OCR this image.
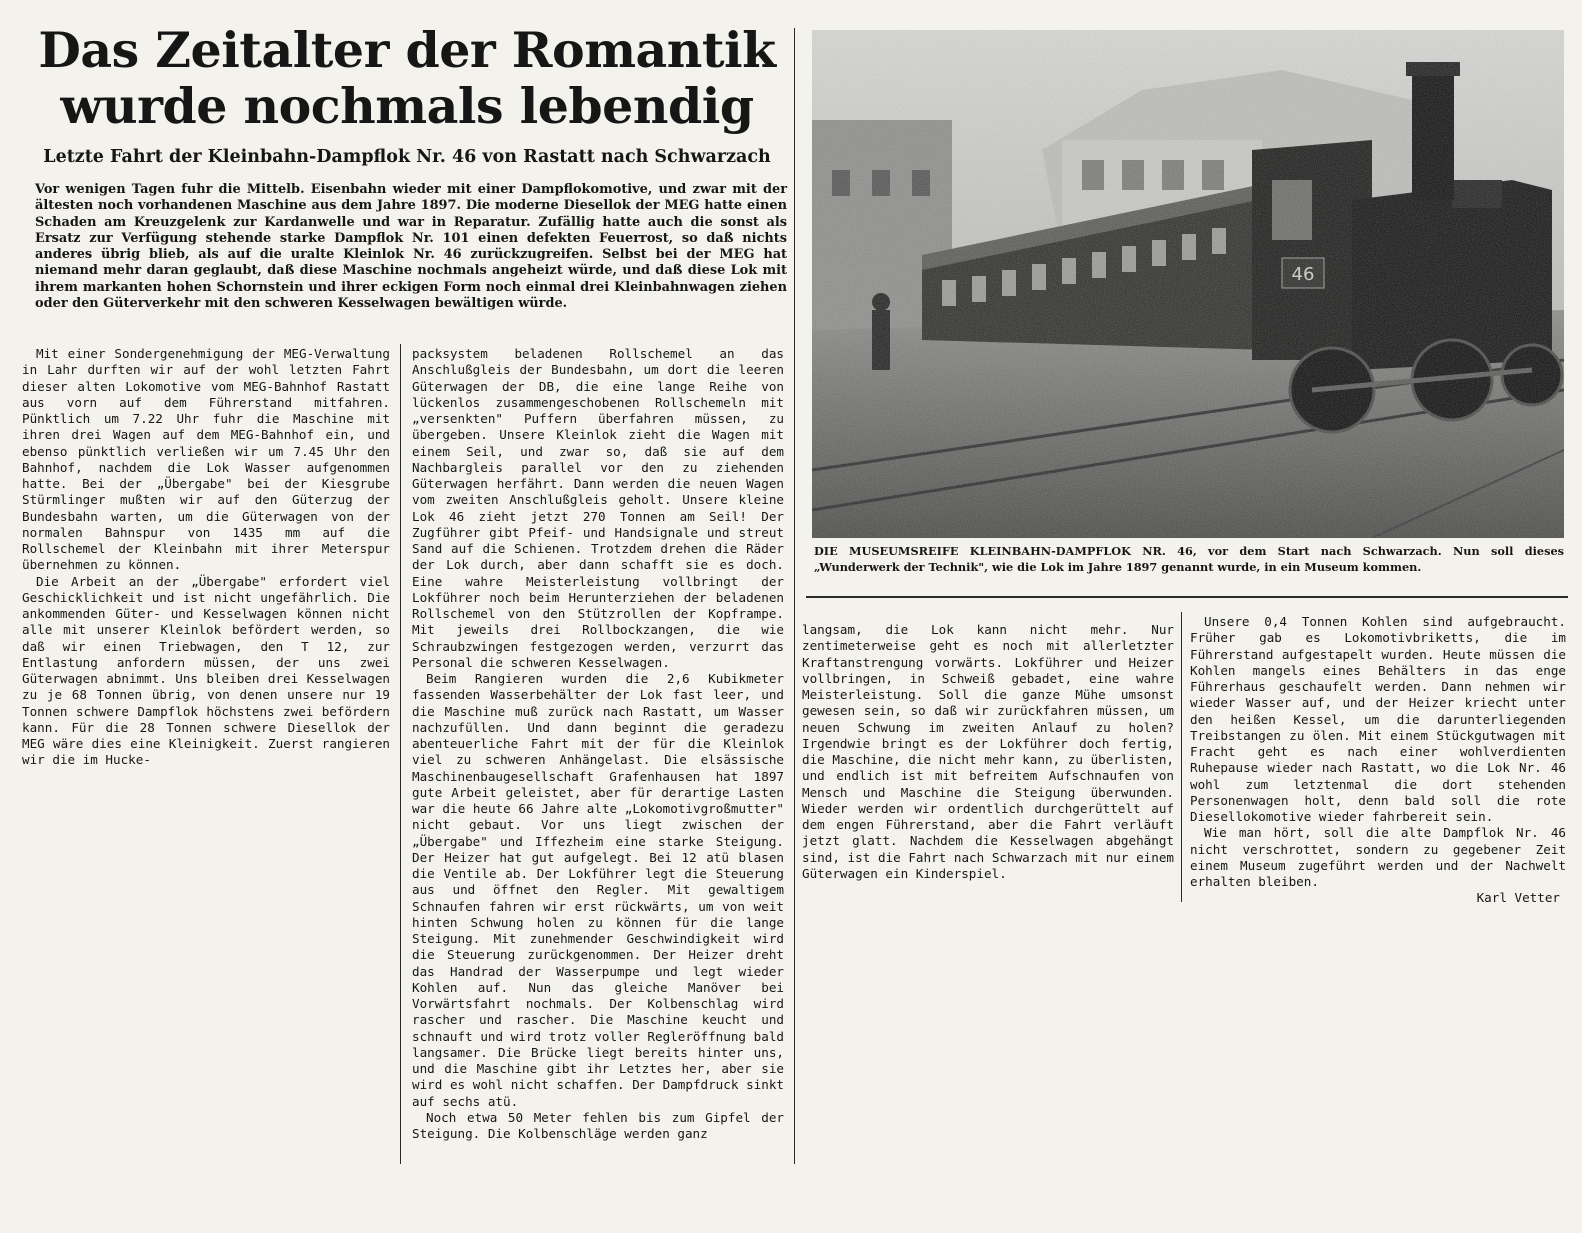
Das Zeitalter der Romantik
wurde nochmals lebendig
Letzte Fahrt der Kleinbahn-Dampflok Nr. 46 von Rastatt nach Schwarzach
Vor wenigen Tagen fuhr die Mittelb. Eisenbahn wieder mit einer Dampflokomotive, und zwar mit der ältesten noch vorhandenen Maschine aus dem Jahre 1897. Die moderne Diesellok der MEG hatte einen Schaden am Kreuzgelenk zur Kardanwelle und war in Reparatur. Zufällig hatte auch die sonst als Ersatz zur Verfügung stehende starke Dampflok Nr. 101 einen defekten Feuerrost, so daß nichts anderes übrig blieb, als auf die uralte Kleinlok Nr. 46 zurückzugreifen. Selbst bei der MEG hat niemand mehr daran geglaubt, daß diese Maschine nochmals angeheizt würde, und daß diese Lok mit ihrem markanten hohen Schornstein und ihrer eckigen Form noch einmal drei Kleinbahnwagen ziehen oder den Güterverkehr mit den schweren Kesselwagen bewältigen würde.

Mit einer Sondergenehmigung der MEG-Verwaltung in Lahr durften wir auf der wohl letzten Fahrt dieser alten Lokomotive vom MEG-Bahnhof Rastatt aus vorn auf dem Führerstand mitfahren. Pünktlich um 7.22 Uhr fuhr die Maschine mit ihren drei Wagen auf dem MEG-Bahnhof ein, und ebenso pünktlich verließen wir um 7.45 Uhr den Bahnhof, nachdem die Lok Wasser aufgenommen hatte. Bei der „Übergabe" bei der Kiesgrube Stürmlinger mußten wir auf den Güterzug der Bundesbahn warten, um die Güterwagen von der normalen Bahnspur von 1435 mm auf die Rollschemel der Kleinbahn mit ihrer Meterspur übernehmen zu können.

Die Arbeit an der „Übergabe" erfordert viel Geschicklichkeit und ist nicht ungefährlich. Die ankommenden Güter- und Kesselwagen können nicht alle mit unserer Kleinlok befördert werden, so daß wir einen Triebwagen, den T 12, zur Entlastung anfordern müssen, der uns zwei Güterwagen abnimmt. Uns bleiben drei Kesselwagen zu je 68 Tonnen übrig, von denen unsere nur 19 Tonnen schwere Dampflok höchstens zwei befördern kann. Für die 28 Tonnen schwere Diesellok der MEG wäre dies eine Kleinigkeit. Zuerst rangieren wir die im Hucke-

packsystem beladenen Rollschemel an das Anschlußgleis der Bundesbahn, um dort die leeren Güterwagen der DB, die eine lange Reihe von lückenlos zusammengeschobenen Rollschemeln mit „versenkten" Puffern überfahren müssen, zu übergeben. Unsere Kleinlok zieht die Wagen mit einem Seil, und zwar so, daß sie auf dem Nachbargleis parallel vor den zu ziehenden Güterwagen herfährt. Dann werden die neuen Wagen vom zweiten Anschlußgleis geholt. Unsere kleine Lok 46 zieht jetzt 270 Tonnen am Seil! Der Zugführer gibt Pfeif- und Handsignale und streut Sand auf die Schienen. Trotzdem drehen die Räder der Lok durch, aber dann schafft sie es doch. Eine wahre Meisterleistung vollbringt der Lokführer noch beim Herunterziehen der beladenen Rollschemel von den Stützrollen der Kopframpe. Mit jeweils drei Rollbockzangen, die wie Schraubzwingen festgezogen werden, verzurrt das Personal die schweren Kesselwagen.

Beim Rangieren wurden die 2,6 Kubikmeter fassenden Wasserbehälter der Lok fast leer, und die Maschine muß zurück nach Rastatt, um Wasser nachzufüllen. Und dann beginnt die geradezu abenteuerliche Fahrt mit der für die Kleinlok viel zu schweren Anhängelast. Die elsässische Maschinenbaugesellschaft Grafenhausen hat 1897 gute Arbeit geleistet, aber für derartige Lasten war die heute 66 Jahre alte „Lokomotivgroßmutter" nicht gebaut. Vor uns liegt zwischen der „Übergabe" und Iffezheim eine starke Steigung. Der Heizer hat gut aufgelegt. Bei 12 atü blasen die Ventile ab. Der Lokführer legt die Steuerung aus und öffnet den Regler. Mit gewaltigem Schnaufen fahren wir erst rückwärts, um von weit hinten Schwung holen zu können für die lange Steigung. Mit zunehmender Geschwindigkeit wird die Steuerung zurückgenommen. Der Heizer dreht das Handrad der Wasserpumpe und legt wieder Kohlen auf. Nun das gleiche Manöver bei Vorwärtsfahrt nochmals. Der Kolbenschlag wird rascher und rascher. Die Maschine keucht und schnauft und wird trotz voller Regleröffnung bald langsamer. Die Brücke liegt bereits hinter uns, und die Maschine gibt ihr Letztes her, aber sie wird es wohl nicht schaffen. Der Dampfdruck sinkt auf sechs atü.

Noch etwa 50 Meter fehlen bis zum Gipfel der Steigung. Die Kolbenschläge werden ganz

langsam, die Lok kann nicht mehr. Nur zentimeterweise geht es noch mit allerletzter Kraftanstrengung vorwärts. Lokführer und Heizer vollbringen, in Schweiß gebadet, eine wahre Meisterleistung. Soll die ganze Mühe umsonst gewesen sein, so daß wir zurückfahren müssen, um neuen Schwung im zweiten Anlauf zu holen? Irgendwie bringt es der Lokführer doch fertig, die Maschine, die nicht mehr kann, zu überlisten, und endlich ist mit befreitem Aufschnaufen von Mensch und Maschine die Steigung überwunden. Wieder werden wir ordentlich durchgerüttelt auf dem engen Führerstand, aber die Fahrt verläuft jetzt glatt. Nachdem die Kesselwagen abgehängt sind, ist die Fahrt nach Schwarzach mit nur einem Güterwagen ein Kinderspiel.

Unsere 0,4 Tonnen Kohlen sind aufgebraucht. Früher gab es Lokomotivbriketts, die im Führerstand aufgestapelt wurden. Heute müssen die Kohlen mangels eines Behälters in das enge Führerhaus geschaufelt werden. Dann nehmen wir wieder Wasser auf, und der Heizer kriecht unter den heißen Kessel, um die darunterliegenden Treibstangen zu ölen. Mit einem Stückgutwagen mit Fracht geht es nach einer wohlverdienten Ruhepause wieder nach Rastatt, wo die Lok Nr. 46 wohl zum letztenmal die dort stehenden Personenwagen holt, denn bald soll die rote Diesellokomotive wieder fahrbereit sein.

Wie man hört, soll die alte Dampflok Nr. 46 nicht verschrottet, sondern zu gegebener Zeit einem Museum zugeführt werden und der Nachwelt erhalten bleiben.

Karl Vetter
DIE MUSEUMSREIFE KLEINBAHN-DAMPFLOK NR. 46, vor dem Start nach Schwarzach. Nun soll dieses „Wunderwerk der Technik", wie die Lok im Jahre 1897 genannt wurde, in ein Museum kommen.
